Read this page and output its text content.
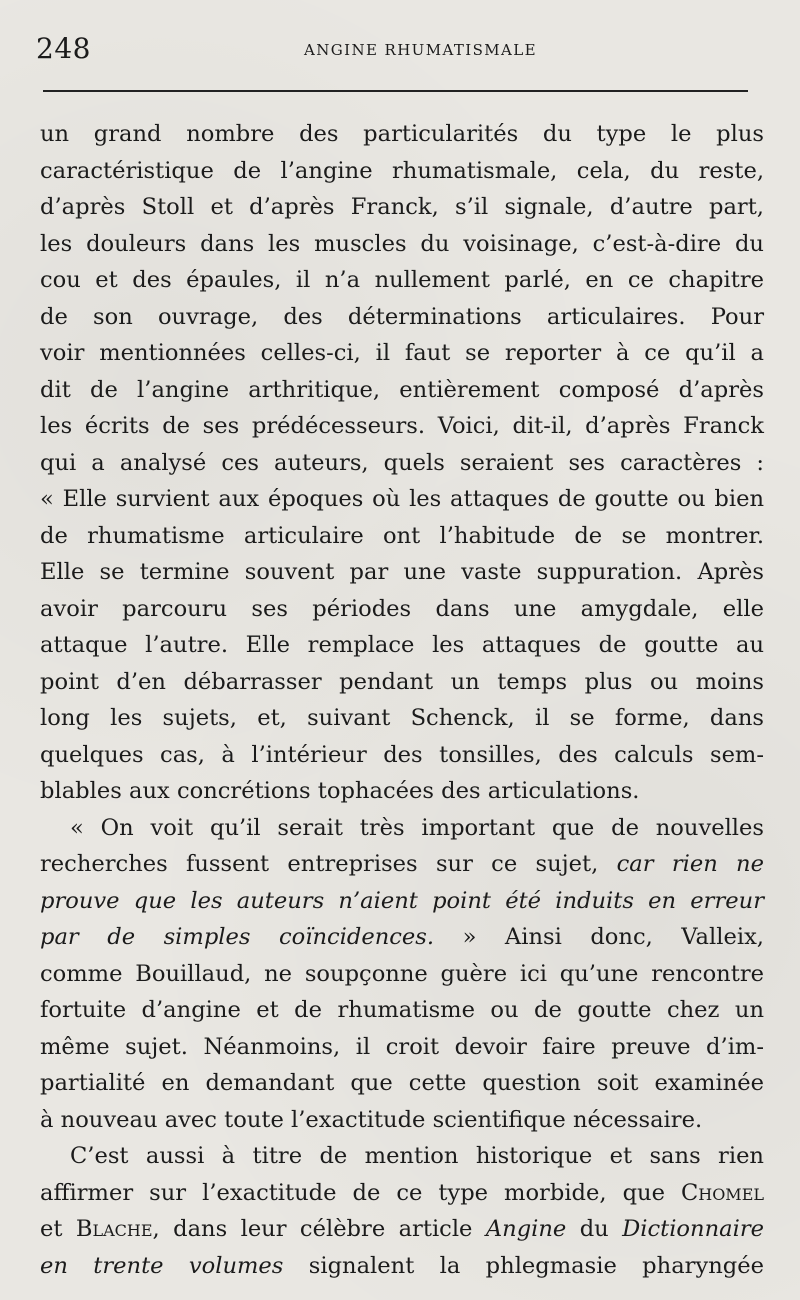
248	ANGINE RHUMATISMALE
un grand nombre des particularités du type le plus
caractéristique de l’angine rhumatismale, cela, du reste,
d’après Stoll et d’après Franck, s’il signale, d’autre part,
les douleurs dans les muscles du voisinage, c’est-à-dire du
cou et des épaules, il n’a nullement parlé, en ce chapitre
de son ouvrage, des déterminations articulaires. Pour
voir mentionnées celles-ci, il faut se reporter à ce qu’il a
dit de l’angine arthritique, entièrement composé d’après
les écrits de ses prédécesseurs. Voici, dit-il, d’après Franck
qui a analysé ces auteurs, quels seraient ses caractères :
« Elle survient aux époques où les attaques de goutte ou bien
de rhumatisme articulaire ont l’habitude de se montrer.
Elle se termine souvent par une vaste suppuration. Après
avoir parcouru ses périodes dans une amygdale, elle
attaque l’autre. Elle remplace les attaques de goutte au
point d’en débarrasser pendant un temps plus ou moins
long les sujets, et, suivant Schenck, il se forme, dans
quelques cas, à l’intérieur des tonsilles, des calculs sem-
blables aux concrétions tophacées des articulations.
« On voit qu’il serait très important que de nouvelles
recherches fussent entreprises sur ce sujet, car rien ne
prouve que les auteurs n’aient point été induits en erreur
par de simples coïncidences. » Ainsi donc, Valleix,
comme Bouillaud, ne soupçonne guère ici qu’une rencontre
fortuite d’angine et de rhumatisme ou de goutte chez un
même sujet. Néanmoins, il croit devoir faire preuve d’im-
partialité en demandant que cette question soit examinée
à nouveau avec toute l’exactitude scientifique nécessaire.
C’est aussi à titre de mention historique et sans rien
affirmer sur l’exactitude de ce type morbide, que Chomel
et Blache, dans leur célèbre article Angine du Dictionnaire
en trente volumes signalent la phlegmasie pharyngée
